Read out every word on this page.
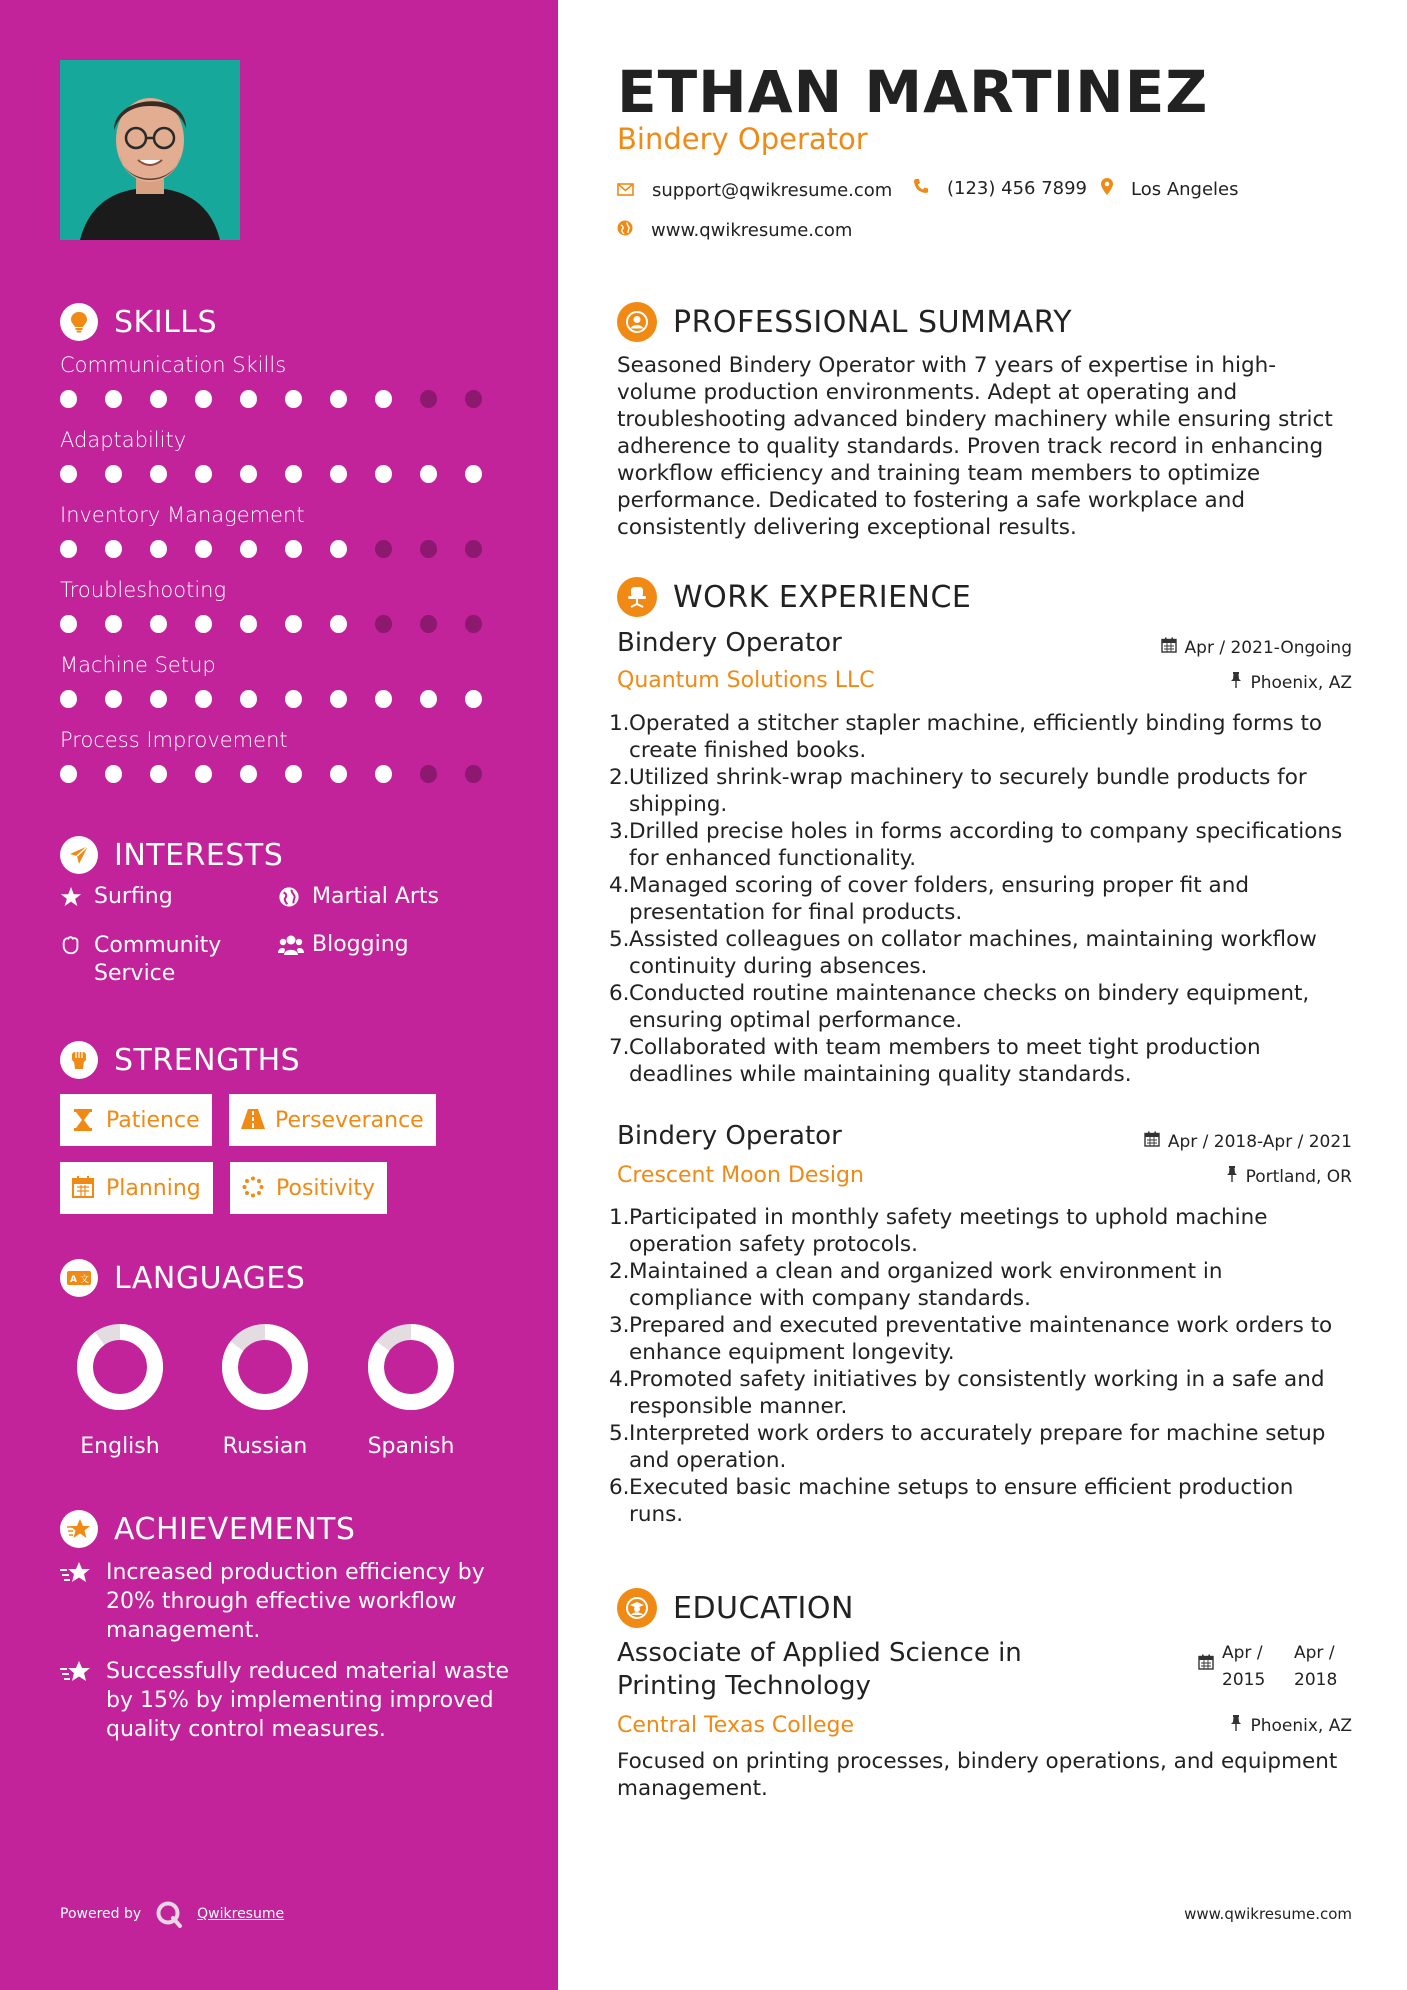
SKILLS
Communication Skills
Adaptability
Inventory Management
Troubleshooting
Machine Setup
Process Improvement
INTERESTS
Surfing	Martial Arts
Community Service
Blogging
STRENGTHS
Patience	Perseverance
Planning	Positivity
A 文 LANGUAGES
English	Russian	Spanish
ACHIEVEMENTS
Increased production efficiency by 20% through effective workflow management.
Successfully reduced material waste by 15% by implementing improved quality control measures.
Powered by	Qwikresume
ETHAN MARTINEZ
Bindery Operator
support@qwikresume.com	(123) 456 7899 Los Angeles
www.qwikresume.com
PROFESSIONAL SUMMARY
Seasoned Bindery Operator with 7 years of expertise in high-volume production environments. Adept at operating and troubleshooting advanced bindery machinery while ensuring strict adherence to quality standards. Proven track record in enhancing workflow efficiency and training team members to optimize performance. Dedicated to fostering a safe workplace and consistently delivering exceptional results.
WORK EXPERIENCE
Bindery Operator	Apr / 2021-Ongoing
Quantum Solutions LLC	Phoenix, AZ
1. Operated a stitcher stapler machine, efficiently binding forms to create finished books.
2. Utilized shrink-wrap machinery to securely bundle products for shipping.
3. Drilled precise holes in forms according to company specifications for enhanced functionality.
4. Managed scoring of cover folders, ensuring proper fit and presentation for final products.
5. Assisted colleagues on collator machines, maintaining workflow continuity during absences.
6. Conducted routine maintenance checks on bindery equipment, ensuring optimal performance.
7. Collaborated with team members to meet tight production deadlines while maintaining quality standards.
Bindery Operator	Apr / 2018-Apr / 2021
Crescent Moon Design	Portland, OR
1. Participated in monthly safety meetings to uphold machine operation safety protocols.
2. Maintained a clean and organized work environment in compliance with company standards.
3. Prepared and executed preventative maintenance work orders to enhance equipment longevity.
4. Promoted safety initiatives by consistently working in a safe and responsible manner.
5. Interpreted work orders to accurately prepare for machine setup and operation.
6. Executed basic machine setups to ensure efficient production runs.
EDUCATION
Associate of Applied Science in Printing Technology
Apr / 2015
Apr / 2018
Central Texas College	Phoenix, AZ
Focused on printing processes, bindery operations, and equipment management.
www.qwikresume.com
